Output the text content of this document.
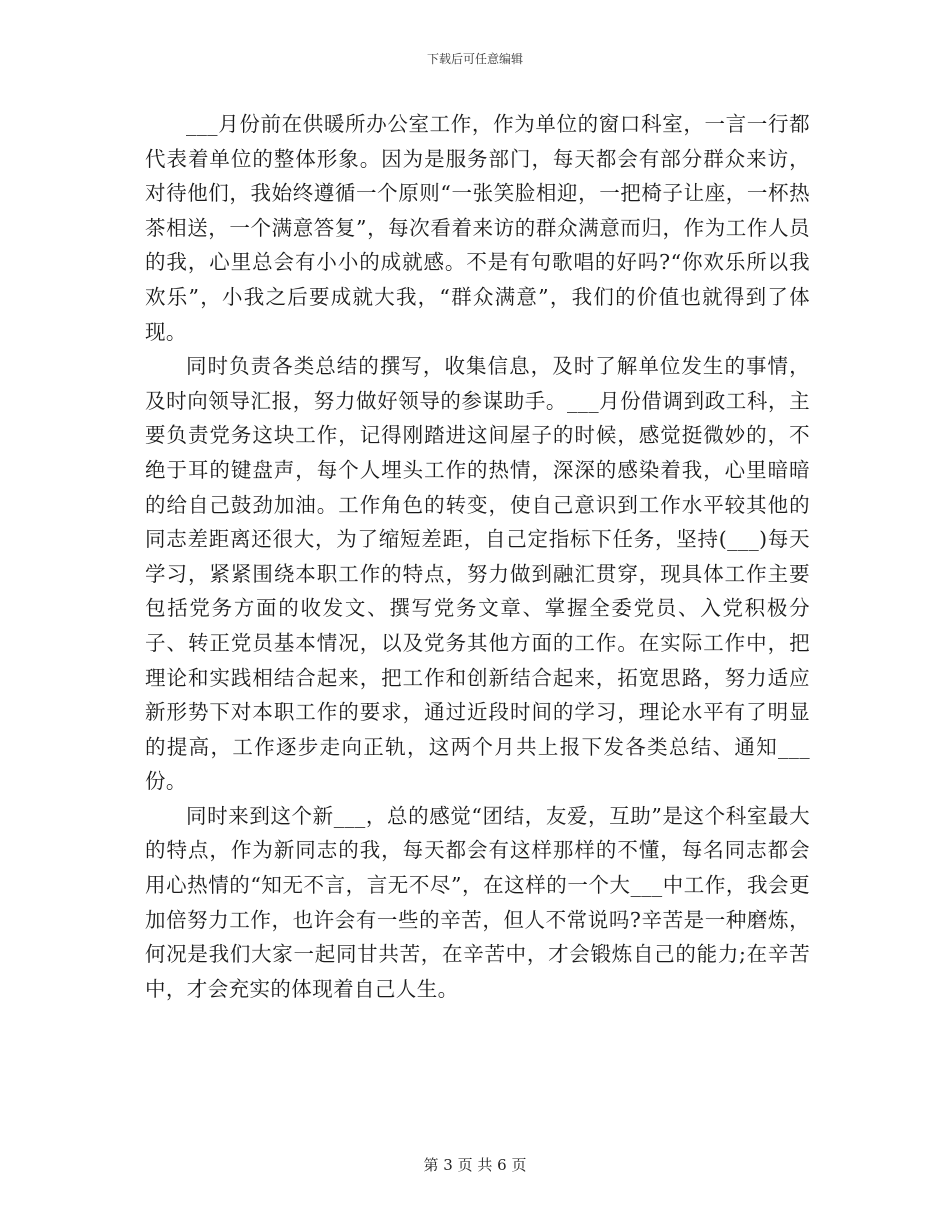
下载后可任意编辑

___月份前在供暖所办公室工作，作为单位的窗口科室，一言一行都代表着单位的整体形象。因为是服务部门，每天都会有部分群众来访，对待他们，我始终遵循一个原则“一张笑脸相迎，一把椅子让座，一杯热茶相送，一个满意答复”，每次看着来访的群众满意而归，作为工作人员的我，心里总会有小小的成就感。不是有句歌唱的好吗?“你欢乐所以我欢乐”，小我之后要成就大我，“群众满意”，我们的价值也就得到了体现。

同时负责各类总结的撰写，收集信息，及时了解单位发生的事情，及时向领导汇报，努力做好领导的参谋助手。___月份借调到政工科，主要负责党务这块工作，记得刚踏进这间屋子的时候，感觉挺微妙的，不绝于耳的键盘声，每个人埋头工作的热情，深深的感染着我，心里暗暗的给自己鼓劲加油。工作角色的转变，使自己意识到工作水平较其他的同志差距离还很大，为了缩短差距，自己定指标下任务，坚持(___)每天学习，紧紧围绕本职工作的特点，努力做到融汇贯穿，现具体工作主要包括党务方面的收发文、撰写党务文章、掌握全委党员、入党积极分子、转正党员基本情况，以及党务其他方面的工作。在实际工作中，把理论和实践相结合起来，把工作和创新结合起来，拓宽思路，努力适应新形势下对本职工作的要求，通过近段时间的学习，理论水平有了明显的提高，工作逐步走向正轨，这两个月共上报下发各类总结、通知___份。

同时来到这个新___，总的感觉“团结，友爱，互助”是这个科室最大的特点，作为新同志的我，每天都会有这样那样的不懂，每名同志都会用心热情的“知无不言，言无不尽”，在这样的一个大___中工作，我会更加倍努力工作，也许会有一些的辛苦，但人不常说吗?辛苦是一种磨炼，何况是我们大家一起同甘共苦，在辛苦中，才会锻炼自己的能力;在辛苦中，才会充实的体现着自己人生。

第 3 页 共 6 页
